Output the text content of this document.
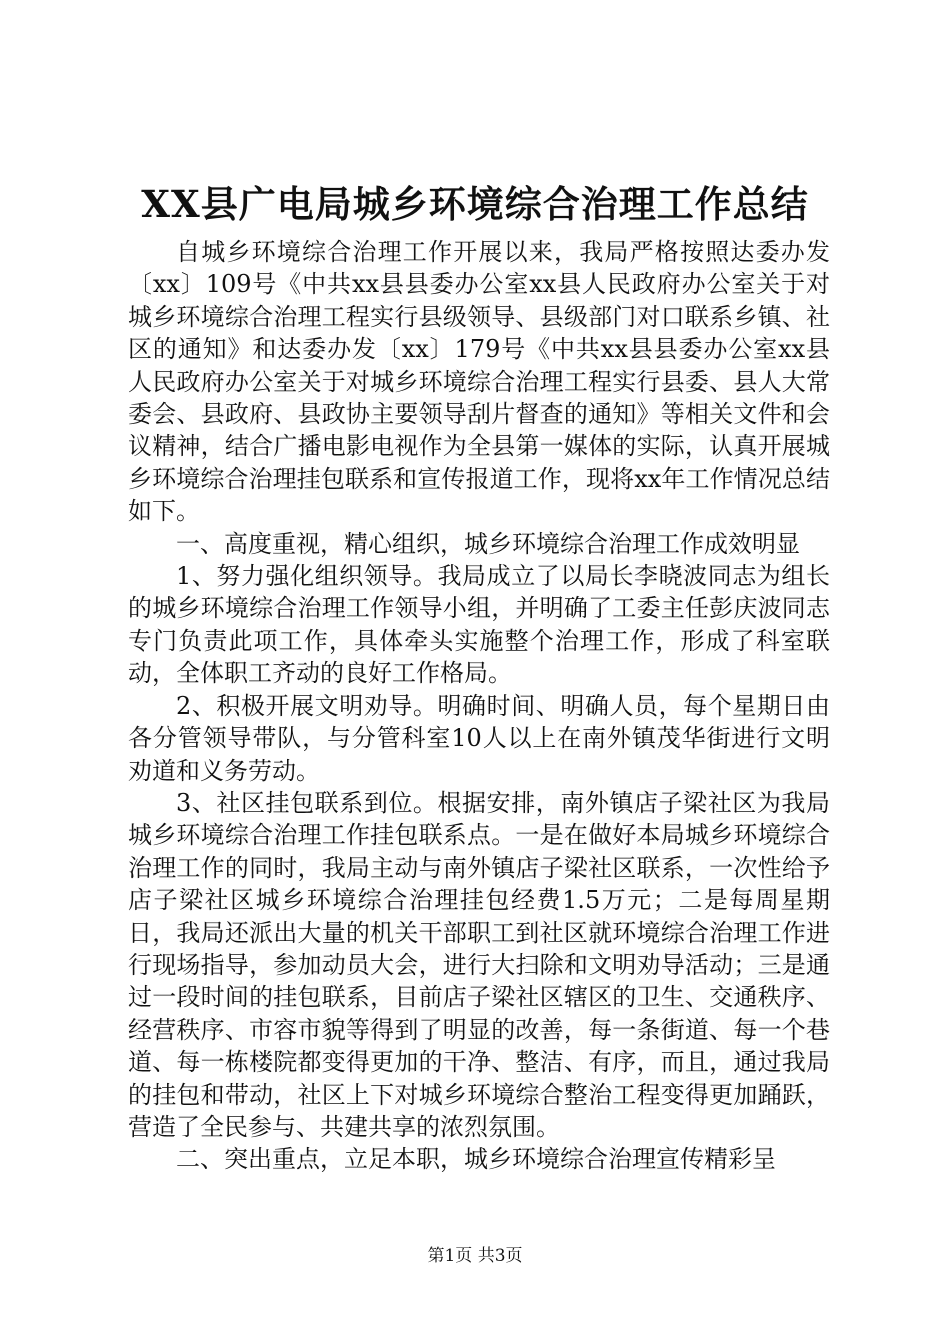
XX县广电局城乡环境综合治理工作总结

自城乡环境综合治理工作开展以来，我局严格按照达委办发〔xx〕109号《中共xx县县委办公室xx县人民政府办公室关于对城乡环境综合治理工程实行县级领导、县级部门对口联系乡镇、社区的通知》和达委办发〔xx〕179号《中共xx县县委办公室xx县人民政府办公室关于对城乡环境综合治理工程实行县委、县人大常委会、县政府、县政协主要领导刮片督查的通知》等相关文件和会议精神，结合广播电影电视作为全县第一媒体的实际，认真开展城乡环境综合治理挂包联系和宣传报道工作，现将xx年工作情况总结如下。

一、高度重视，精心组织，城乡环境综合治理工作成效明显

1、努力强化组织领导。我局成立了以局长李晓波同志为组长的城乡环境综合治理工作领导小组，并明确了工委主任彭庆波同志专门负责此项工作，具体牵头实施整个治理工作，形成了科室联动，全体职工齐动的良好工作格局。

2、积极开展文明劝导。明确时间、明确人员，每个星期日由各分管领导带队，与分管科室10人以上在南外镇茂华街进行文明劝道和义务劳动。

3、社区挂包联系到位。根据安排，南外镇店子梁社区为我局城乡环境综合治理工作挂包联系点。一是在做好本局城乡环境综合治理工作的同时，我局主动与南外镇店子梁社区联系，一次性给予店子梁社区城乡环境综合治理挂包经费1.5万元；二是每周星期日，我局还派出大量的机关干部职工到社区就环境综合治理工作进行现场指导，参加动员大会，进行大扫除和文明劝导活动；三是通过一段时间的挂包联系，目前店子梁社区辖区的卫生、交通秩序、经营秩序、市容市貌等得到了明显的改善，每一条街道、每一个巷道、每一栋楼院都变得更加的干净、整洁、有序，而且，通过我局的挂包和带动，社区上下对城乡环境综合整治工程变得更加踊跃，营造了全民参与、共建共享的浓烈氛围。

二、突出重点，立足本职，城乡环境综合治理宣传精彩呈

第1页 共3页
